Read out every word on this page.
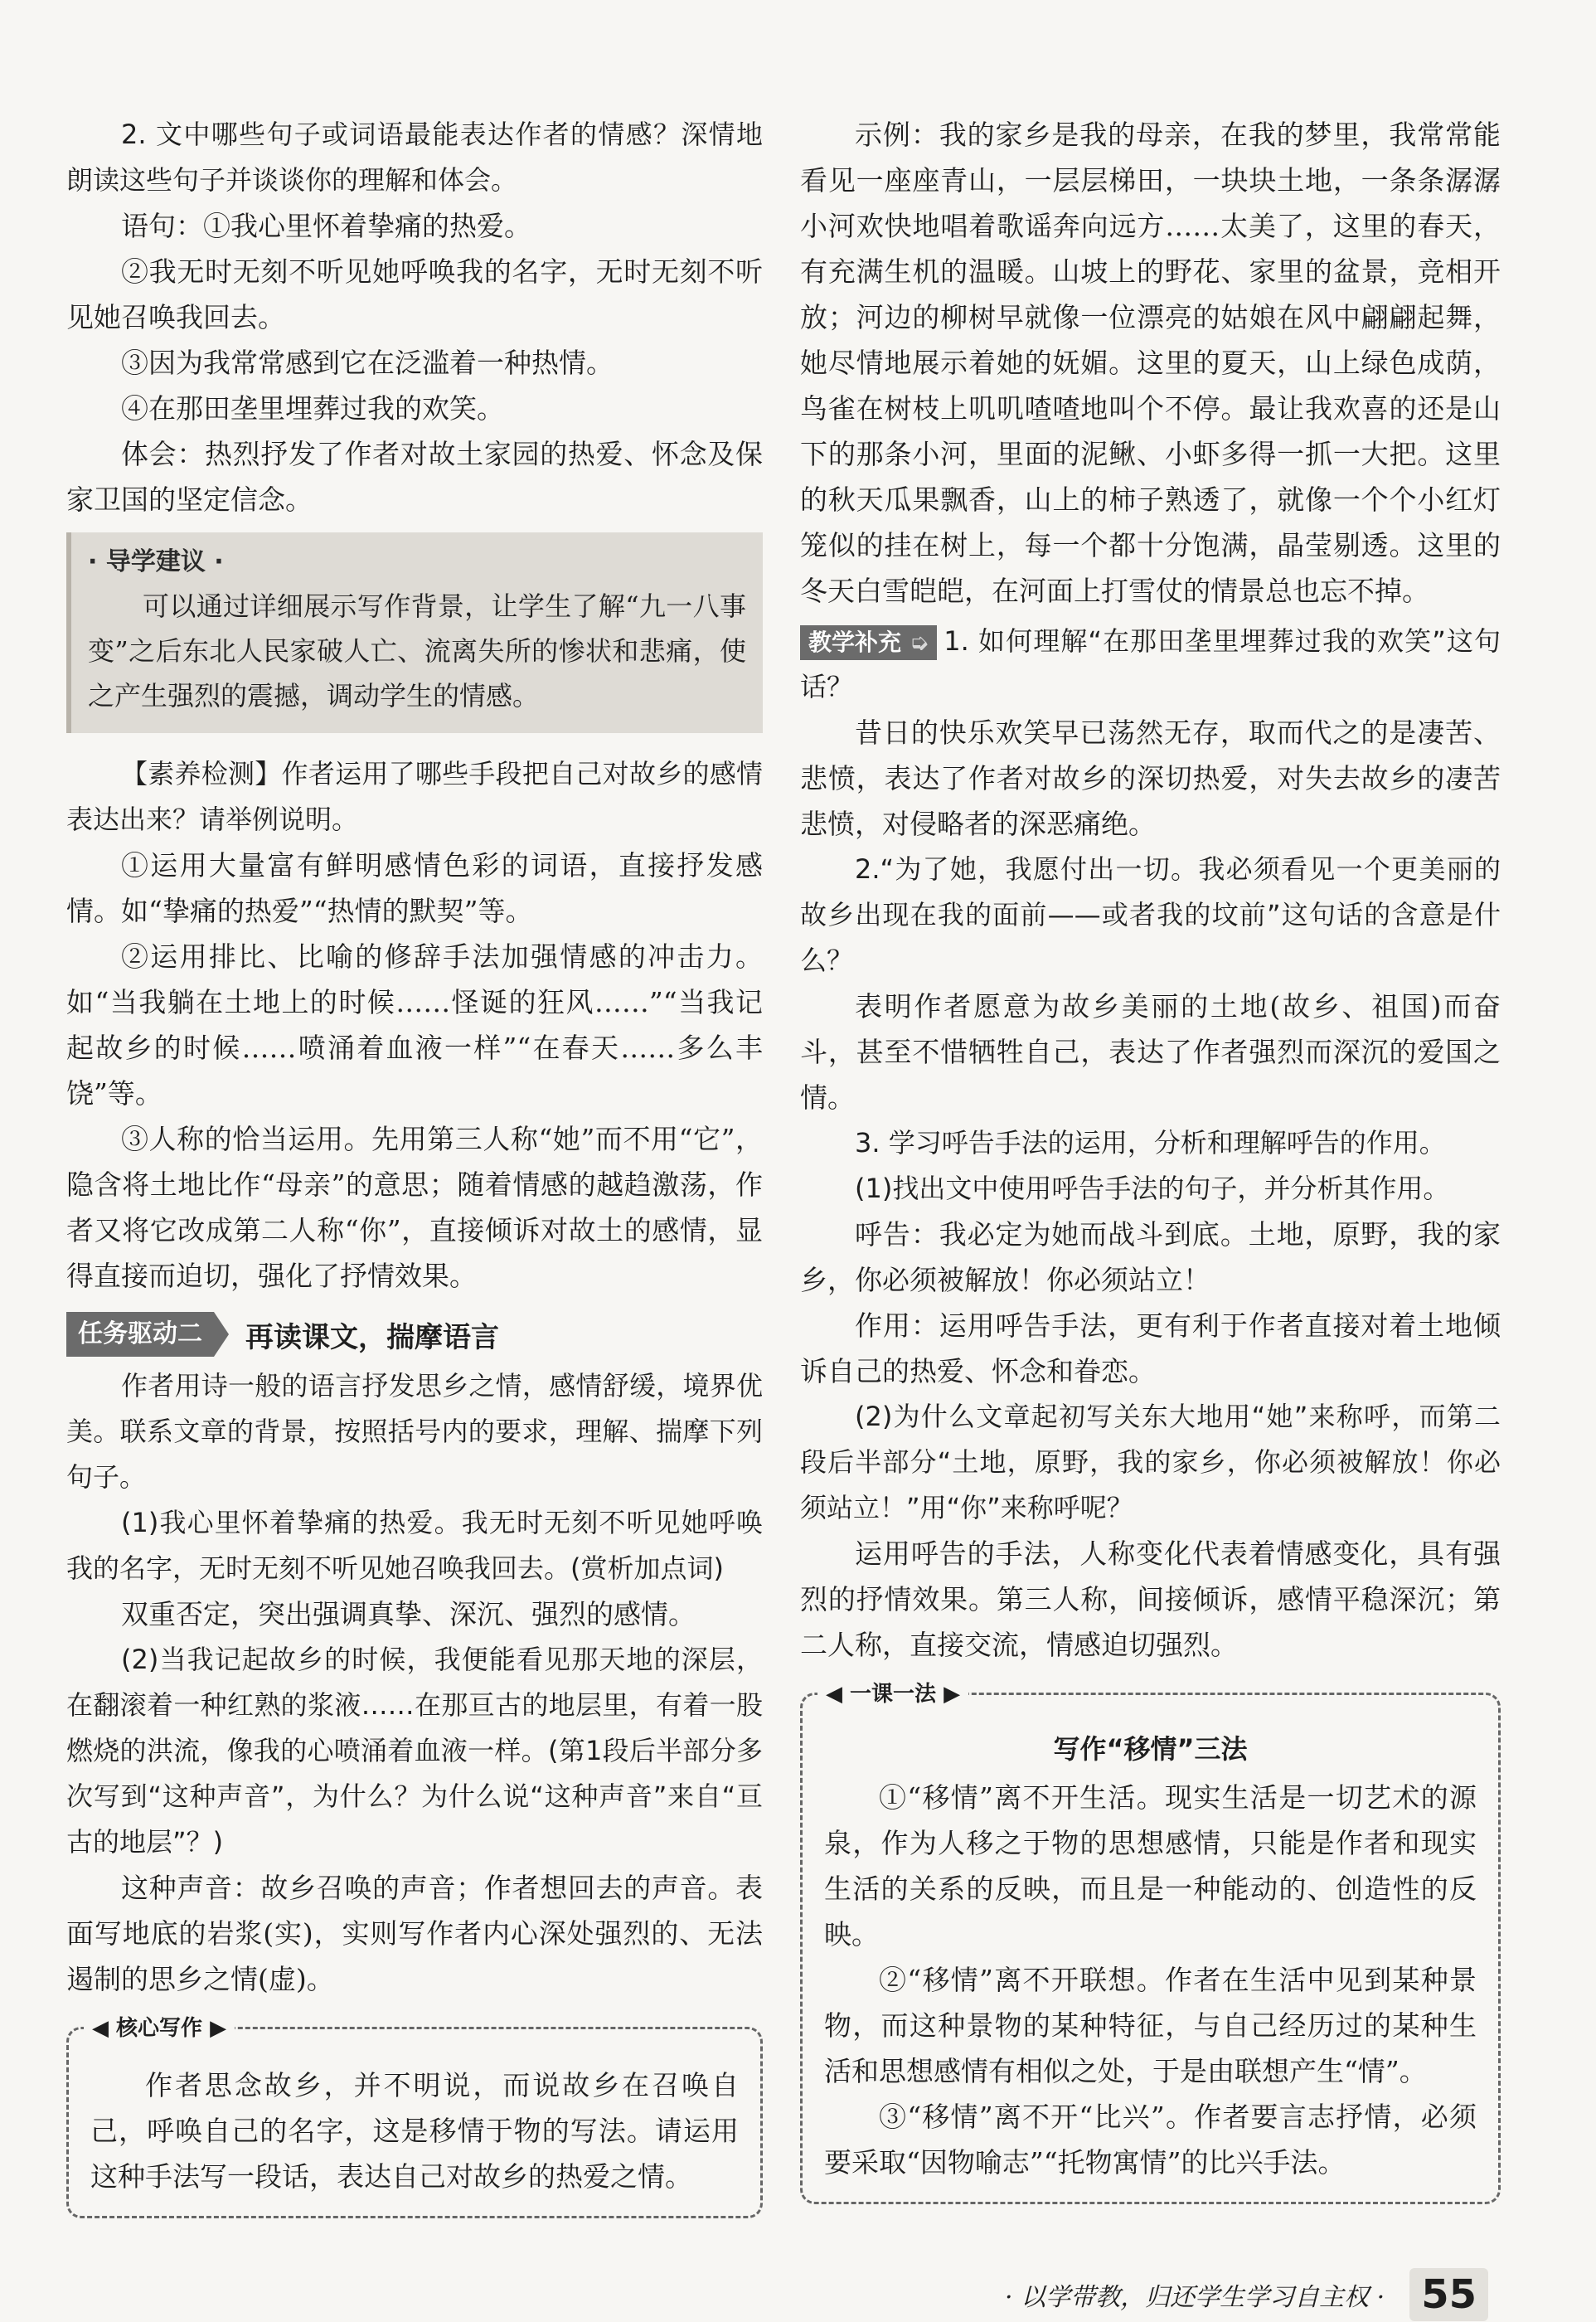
2. 文中哪些句子或词语最能表达作者的情感？深情地朗读这些句子并谈谈你的理解和体会。

语句：①我心里怀着挚痛的热爱。

②我无时无刻不听见她呼唤我的名字，无时无刻不听见她召唤我回去。

③因为我常常感到它在泛滥着一种热情。

④在那田垄里埋葬过我的欢笑。

体会：热烈抒发了作者对故土家园的热爱、怀念及保家卫国的坚定信念。

· 导学建议 ·

可以通过详细展示写作背景，让学生了解“九一八事变”之后东北人民家破人亡、流离失所的惨状和悲痛，使之产生强烈的震撼，调动学生的情感。

【素养检测】作者运用了哪些手段把自己对故乡的感情表达出来？请举例说明。

①运用大量富有鲜明感情色彩的词语，直接抒发感情。如“挚痛的热爱”“热情的默契”等。

②运用排比、比喻的修辞手法加强情感的冲击力。如“当我躺在土地上的时候……怪诞的狂风……”“当我记起故乡的时候……喷涌着血液一样”“在春天……多么丰饶”等。

③人称的恰当运用。先用第三人称“她”而不用“它”，隐含将土地比作“母亲”的意思；随着情感的越趋激荡，作者又将它改成第二人称“你”，直接倾诉对故土的感情，显得直接而迫切，强化了抒情效果。

任务驱动二	再读课文，揣摩语言

作者用诗一般的语言抒发思乡之情，感情舒缓，境界优美。联系文章的背景，按照括号内的要求，理解、揣摩下列句子。

(1)我心里怀着挚痛的热爱。我无时无刻不听见她呼唤我的名字，无时无刻不听见她召唤我回去。(赏析加点词)

双重否定，突出强调真挚、深沉、强烈的感情。

(2)当我记起故乡的时候，我便能看见那天地的深层，在翻滚着一种红熟的浆液……在那亘古的地层里，有着一股燃烧的洪流，像我的心喷涌着血液一样。(第1段后半部分多次写到“这种声音”，为什么？为什么说“这种声音”来自“亘古的地层”？)

这种声音：故乡召唤的声音；作者想回去的声音。表面写地底的岩浆(实)，实则写作者内心深处强烈的、无法遏制的思乡之情(虚)。

◀ 核心写作 ▶

作者思念故乡，并不明说，而说故乡在召唤自己，呼唤自己的名字，这是移情于物的写法。请运用这种手法写一段话，表达自己对故乡的热爱之情。

示例：我的家乡是我的母亲，在我的梦里，我常常能看见一座座青山，一层层梯田，一块块土地，一条条潺潺小河欢快地唱着歌谣奔向远方……太美了，这里的春天，有充满生机的温暖。山坡上的野花、家里的盆景，竞相开放；河边的柳树早就像一位漂亮的姑娘在风中翩翩起舞，她尽情地展示着她的妩媚。这里的夏天，山上绿色成荫，鸟雀在树枝上叽叽喳喳地叫个不停。最让我欢喜的还是山下的那条小河，里面的泥鳅、小虾多得一抓一大把。这里的秋天瓜果飘香，山上的柿子熟透了，就像一个个小红灯笼似的挂在树上，每一个都十分饱满，晶莹剔透。这里的冬天白雪皑皑，在河面上打雪仗的情景总也忘不掉。

教学补充 ➭ 1. 如何理解“在那田垄里埋葬过我的欢笑”这句话？

昔日的快乐欢笑早已荡然无存，取而代之的是凄苦、悲愤，表达了作者对故乡的深切热爱，对失去故乡的凄苦悲愤，对侵略者的深恶痛绝。

2.“为了她，我愿付出一切。我必须看见一个更美丽的故乡出现在我的面前——或者我的坟前”这句话的含意是什么？

表明作者愿意为故乡美丽的土地(故乡、祖国)而奋斗，甚至不惜牺牲自己，表达了作者强烈而深沉的爱国之情。

3. 学习呼告手法的运用，分析和理解呼告的作用。

(1)找出文中使用呼告手法的句子，并分析其作用。

呼告：我必定为她而战斗到底。土地，原野，我的家乡，你必须被解放！你必须站立！

作用：运用呼告手法，更有利于作者直接对着土地倾诉自己的热爱、怀念和眷恋。

(2)为什么文章起初写关东大地用“她”来称呼，而第二段后半部分“土地，原野，我的家乡，你必须被解放！你必须站立！”用“你”来称呼呢？

运用呼告的手法，人称变化代表着情感变化，具有强烈的抒情效果。第三人称，间接倾诉，感情平稳深沉；第二人称，直接交流，情感迫切强烈。

◀ 一课一法 ▶
写作“移情”三法

①“移情”离不开生活。现实生活是一切艺术的源泉，作为人移之于物的思想感情，只能是作者和现实生活的关系的反映，而且是一种能动的、创造性的反映。

②“移情”离不开联想。作者在生活中见到某种景物，而这种景物的某种特征，与自己经历过的某种生活和思想感情有相似之处，于是由联想产生“情”。

③“移情”离不开“比兴”。作者要言志抒情，必须要采取“因物喻志”“托物寓情”的比兴手法。

· 以学带教，归还学生学习自主权 · 55
